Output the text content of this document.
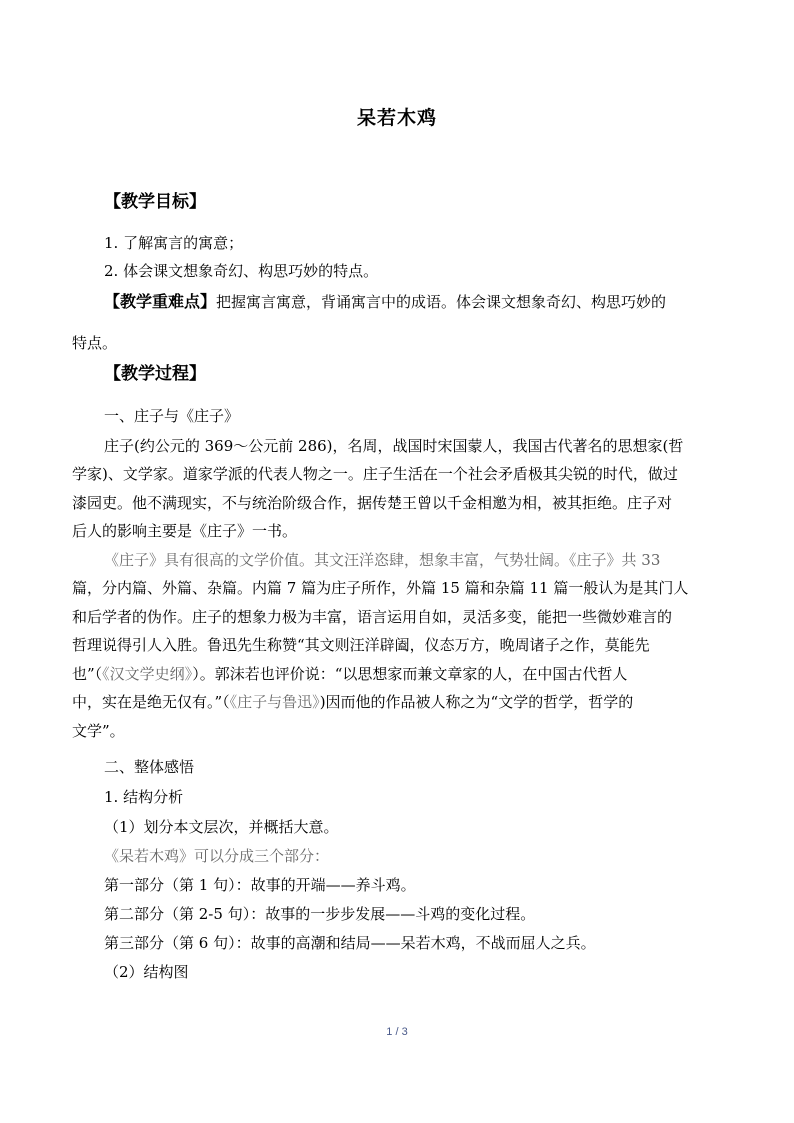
呆若木鸡
【教学目标】
1. 了解寓言的寓意；
2. 体会课文想象奇幻、构思巧妙的特点。
【教学重难点】把握寓言寓意，背诵寓言中的成语。体会课文想象奇幻、构思巧妙的
特点。
【教学过程】
一、庄子与《庄子》
庄子(约公元的 369～公元前 286)，名周，战国时宋国蒙人，我国古代著名的思想家(哲
学家)、文学家。道家学派的代表人物之一。庄子生活在一个社会矛盾极其尖锐的时代，做过
漆园吏。他不满现实，不与统治阶级合作，据传楚王曾以千金相邀为相，被其拒绝。庄子对
后人的影响主要是《庄子》一书。
《庄子》具有很高的文学价值。其文汪洋恣肆，想象丰富，气势壮阔。《庄子》共 33
篇，分内篇、外篇、杂篇。内篇 7 篇为庄子所作，外篇 15 篇和杂篇 11 篇一般认为是其门人
和后学者的伪作。庄子的想象力极为丰富，语言运用自如，灵活多变，能把一些微妙难言的
哲理说得引人入胜。鲁迅先生称赞“其文则汪洋辟阖，仪态万方，晚周诸子之作，莫能先
也”（《汉文学史纲》）。郭沫若也评价说：“以思想家而兼文章家的人，在中国古代哲人
中，实在是绝无仅有。”（《庄子与鲁迅》)因而他的作品被人称之为“文学的哲学，哲学的
文学”。
二、整体感悟
1. 结构分析
（1）划分本文层次，并概括大意。
《呆若木鸡》可以分成三个部分：
第一部分（第 1 句）：故事的开端——养斗鸡。
第二部分（第 2-5 句）：故事的一步步发展——斗鸡的变化过程。
第三部分（第 6 句）：故事的高潮和结局——呆若木鸡，不战而屈人之兵。
（2）结构图
1 / 3
